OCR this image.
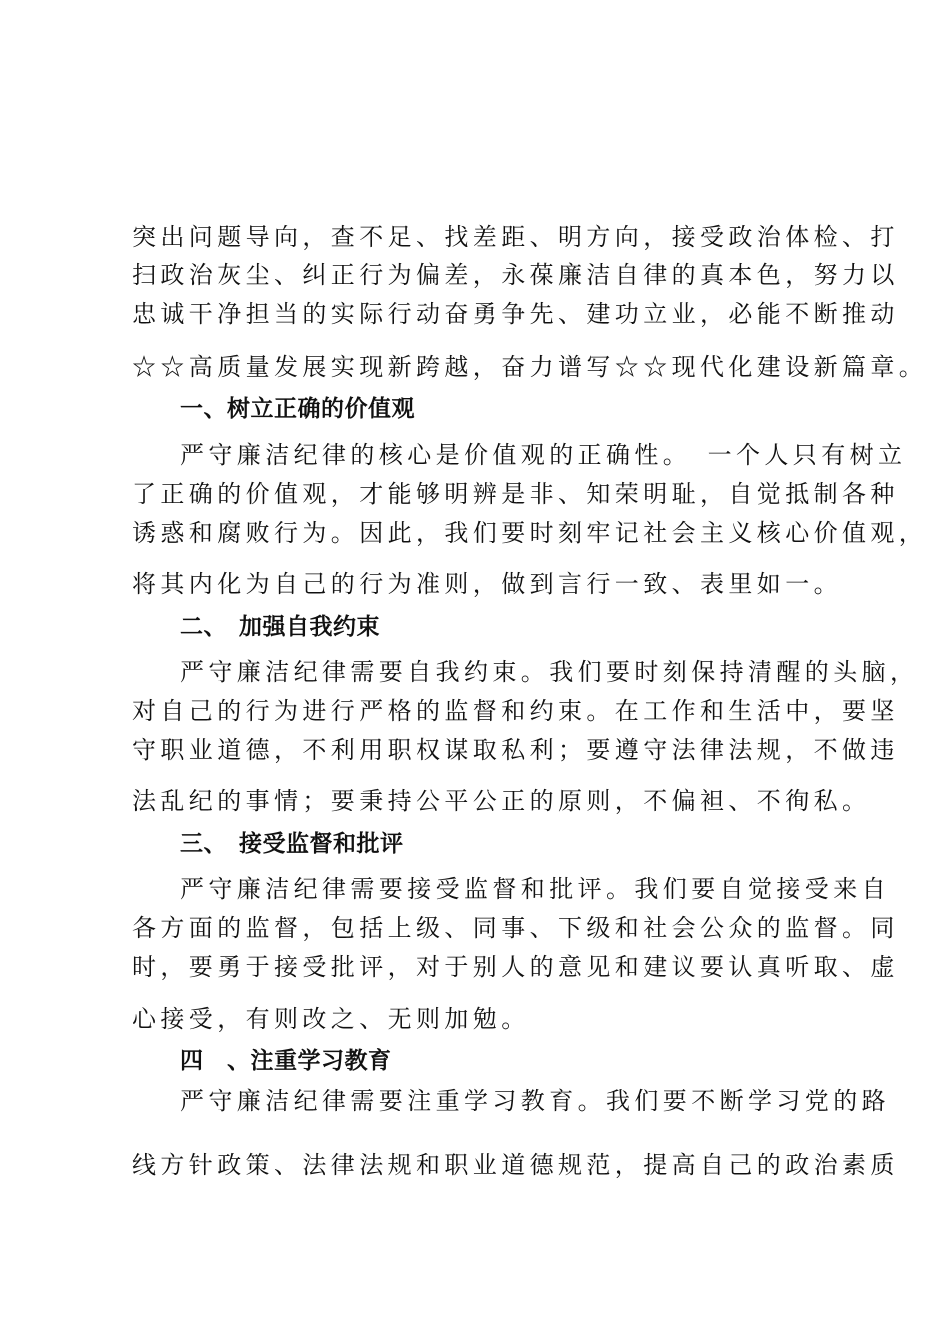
突出问题导向，查不足、找差距、明方向，接受政治体检、打
扫政治灰尘、纠正行为偏差，永葆廉洁自律的真本色，努力以
忠诚干净担当的实际行动奋勇争先、建功立业，必能不断推动
☆☆高质量发展实现新跨越，奋力谱写☆☆现代化建设新篇章。
一、树立正确的价值观
严守廉洁纪律的核心是价值观的正确性。　一个人只有树立
了正确的价值观，才能够明辨是非、知荣明耻，自觉抵制各种
诱惑和腐败行为。因此，我们要时刻牢记社会主义核心价值观，
将其内化为自己的行为准则，做到言行一致、表里如一。
二、　加强自我约束
严守廉洁纪律需要自我约束。我们要时刻保持清醒的头脑，
对自己的行为进行严格的监督和约束。在工作和生活中，要坚
守职业道德，不利用职权谋取私利；要遵守法律法规，不做违
法乱纪的事情；要秉持公平公正的原则，不偏袒、不徇私。
三、　接受监督和批评
严守廉洁纪律需要接受监督和批评。我们要自觉接受来自
各方面的监督，包括上级、同事、下级和社会公众的监督。同
时，要勇于接受批评，对于别人的意见和建议要认真听取、虚
心接受，有则改之、无则加勉。
四　、注重学习教育
严守廉洁纪律需要注重学习教育。我们要不断学习党的路
线方针政策、法律法规和职业道德规范，提高自己的政治素质
